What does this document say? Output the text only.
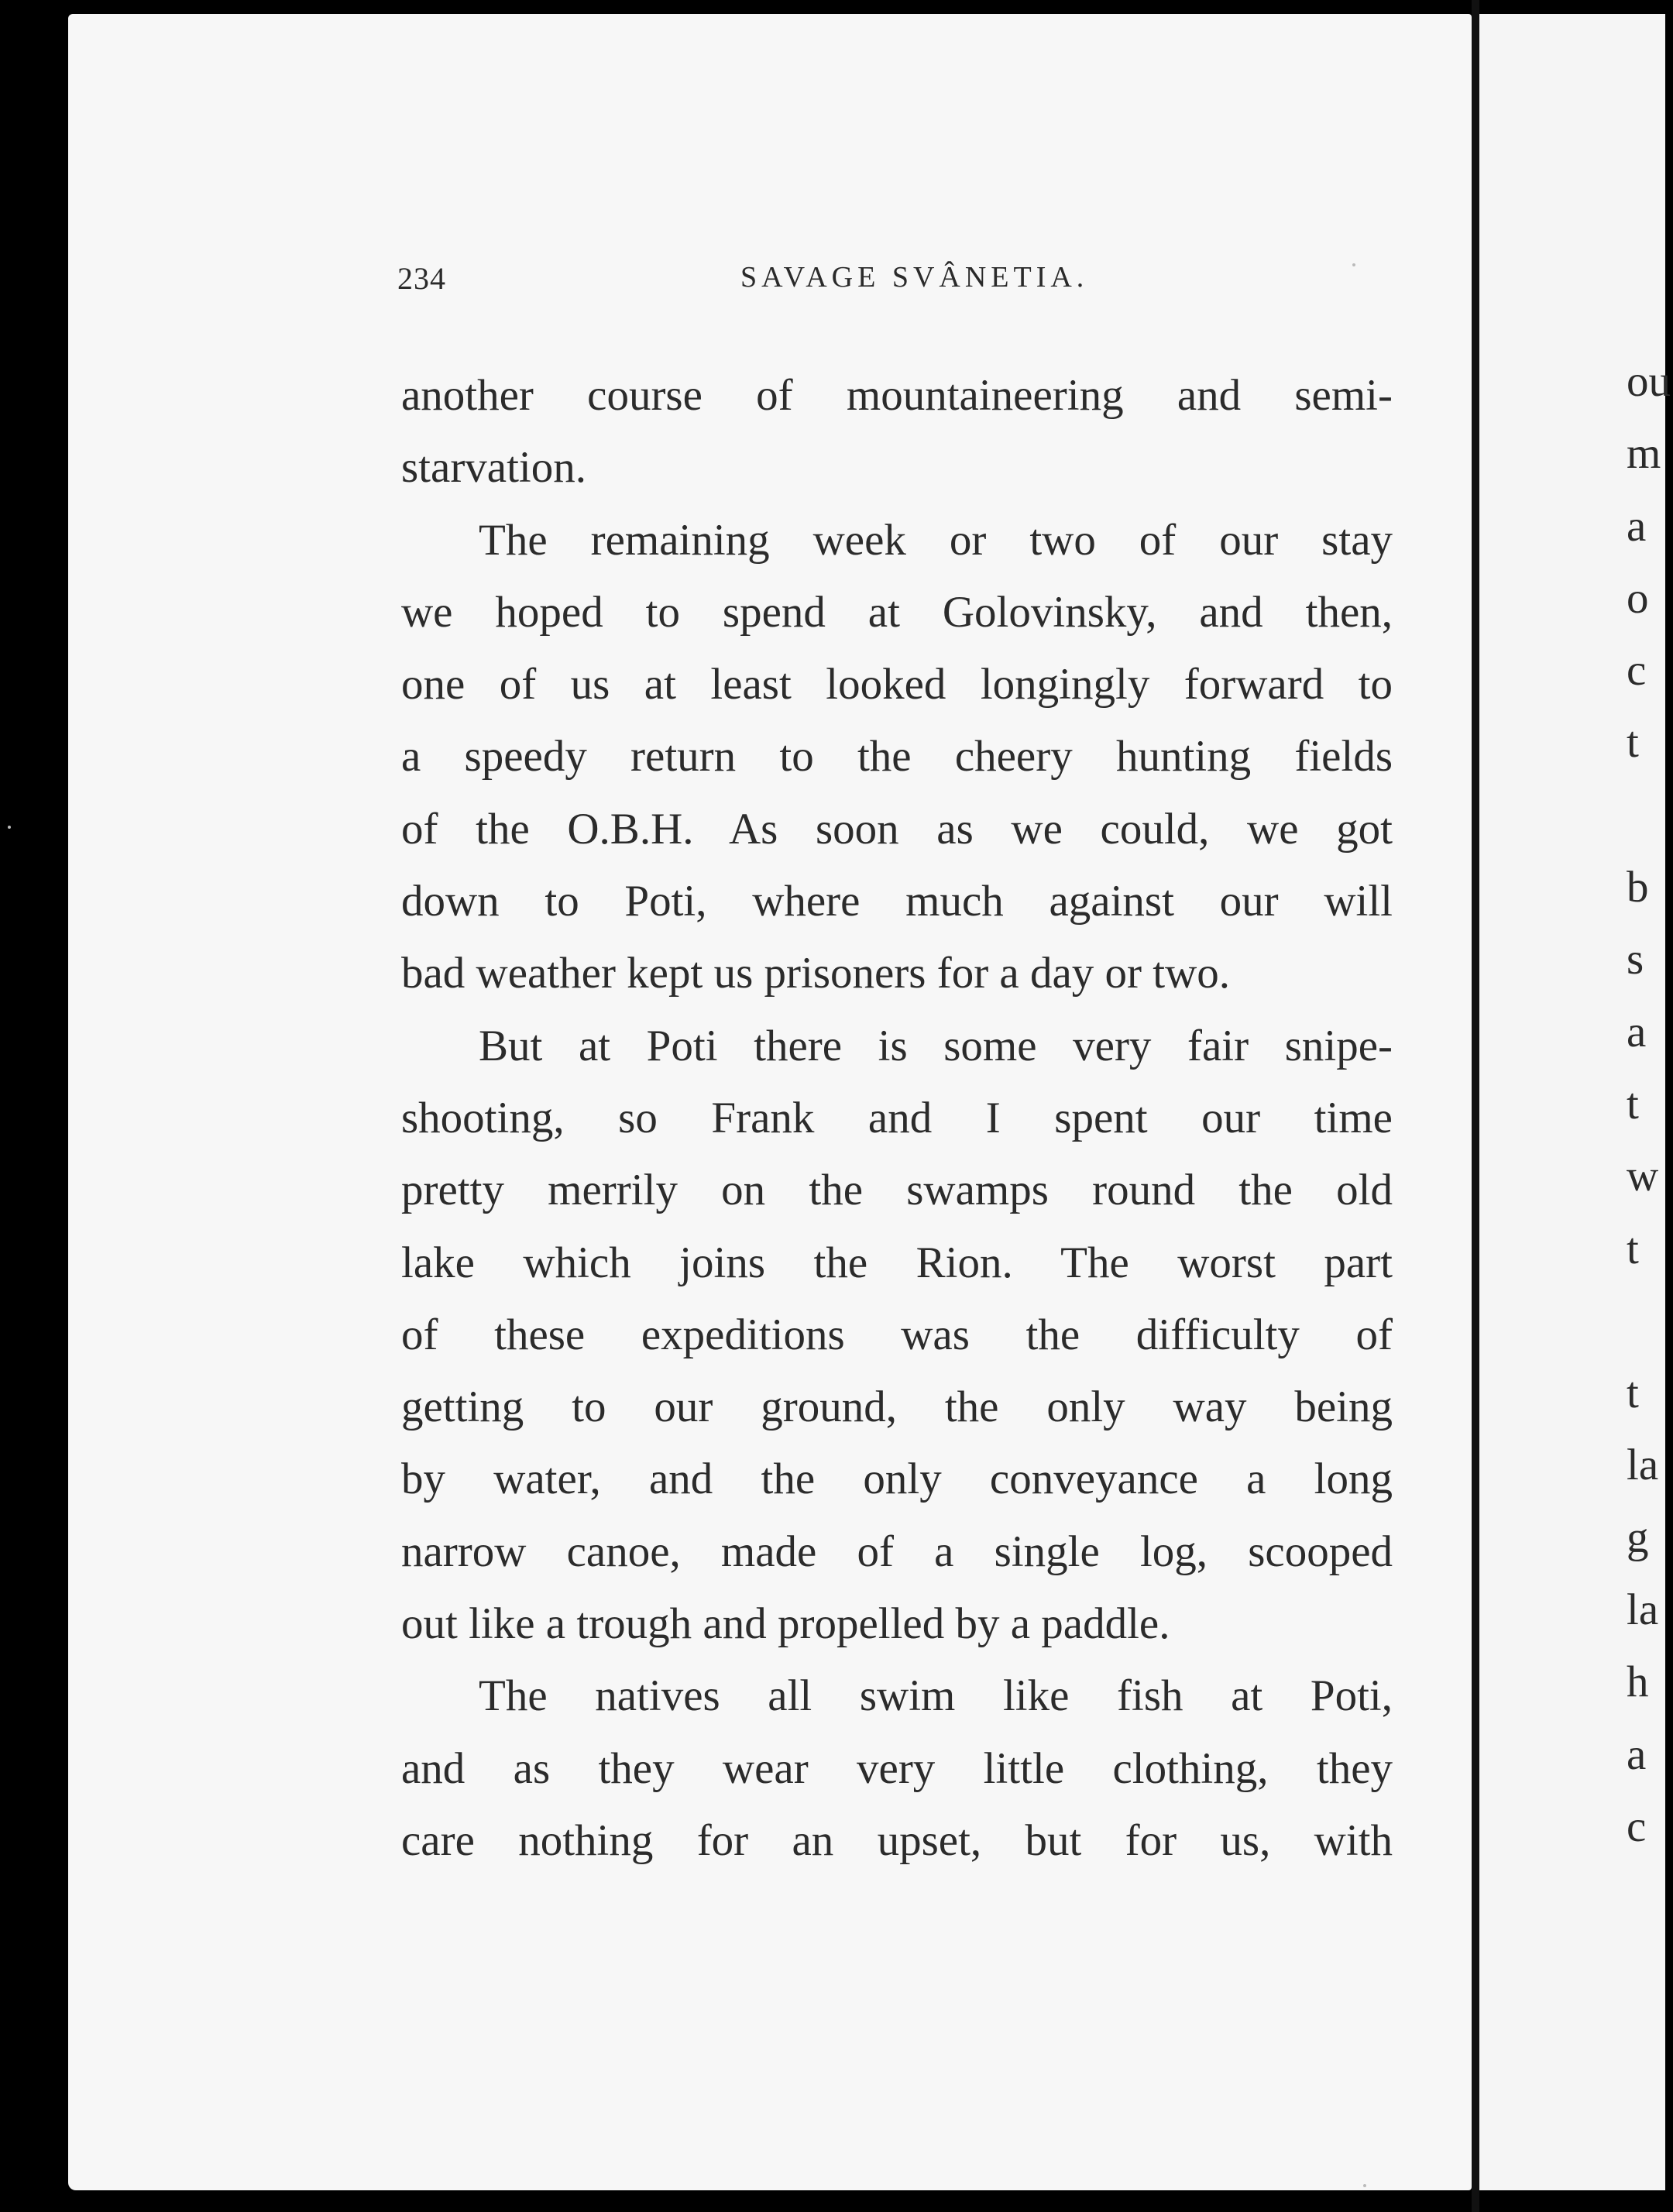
234	SAVAGE SVÂNETIA.
another course of mountaineering and semi-
starvation.
The remaining week or two of our stay
we hoped to spend at Golovinsky, and then,
one of us at least looked longingly forward to
a speedy return to the cheery hunting fields
of the O.B.H. As soon as we could, we got
down to Poti, where much against our will
bad weather kept us prisoners for a day or two.
But at Poti there is some very fair snipe-
shooting, so Frank and I spent our time
pretty merrily on the swamps round the old
lake which joins the Rion. The worst part
of these expeditions was the difficulty of
getting to our ground, the only way being
by water, and the only conveyance a long
narrow canoe, made of a single log, scooped
out like a trough and propelled by a paddle.
The natives all swim like fish at Poti,
and as they wear very little clothing, they
care nothing for an upset, but for us, with
ou
m
a
o
c
t
b
s
a
t
w
t
t
la
g
la
h
a
c
